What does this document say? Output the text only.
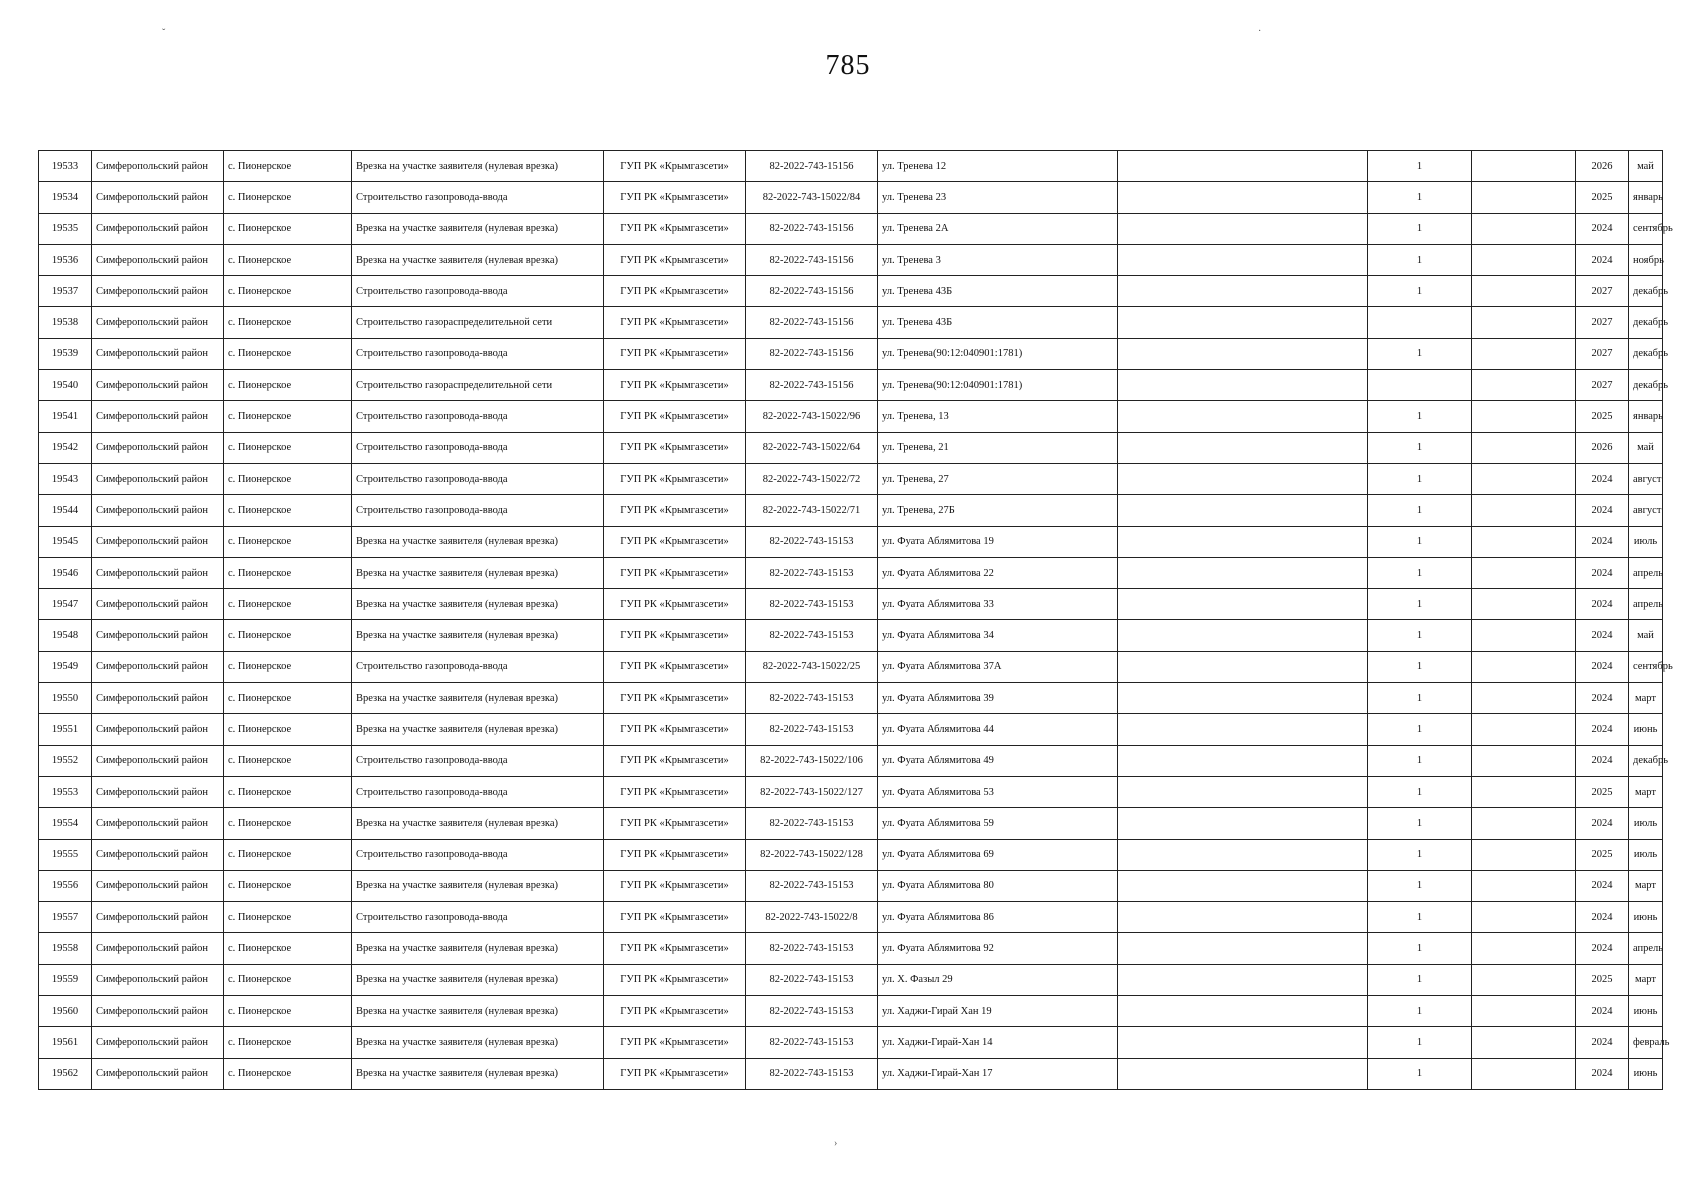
785
ˇ	·
›
19533	Симферопольский район	с. Пионерское	Врезка на участке заявителя (нулевая врезка)	ГУП РК «Крымгазсети»	82-2022-743-15156	ул. Тренева 12		1		2026	май
19534	Симферопольский район	с. Пионерское	Строительство газопровода-ввода	ГУП РК «Крымгазсети»	82-2022-743-15022/84	ул. Тренева 23		1		2025	январь
19535	Симферопольский район	с. Пионерское	Врезка на участке заявителя (нулевая врезка)	ГУП РК «Крымгазсети»	82-2022-743-15156	ул. Тренева 2А		1		2024	сентябрь
19536	Симферопольский район	с. Пионерское	Врезка на участке заявителя (нулевая врезка)	ГУП РК «Крымгазсети»	82-2022-743-15156	ул. Тренева 3		1		2024	ноябрь
19537	Симферопольский район	с. Пионерское	Строительство газопровода-ввода	ГУП РК «Крымгазсети»	82-2022-743-15156	ул. Тренева 43Б		1		2027	декабрь
19538	Симферопольский район	с. Пионерское	Строительство газораспределительной сети	ГУП РК «Крымгазсети»	82-2022-743-15156	ул. Тренева 43Б				2027	декабрь
19539	Симферопольский район	с. Пионерское	Строительство газопровода-ввода	ГУП РК «Крымгазсети»	82-2022-743-15156	ул. Тренева(90:12:040901:1781)		1		2027	декабрь
19540	Симферопольский район	с. Пионерское	Строительство газораспределительной сети	ГУП РК «Крымгазсети»	82-2022-743-15156	ул. Тренева(90:12:040901:1781)				2027	декабрь
19541	Симферопольский район	с. Пионерское	Строительство газопровода-ввода	ГУП РК «Крымгазсети»	82-2022-743-15022/96	ул. Тренева, 13		1		2025	январь
19542	Симферопольский район	с. Пионерское	Строительство газопровода-ввода	ГУП РК «Крымгазсети»	82-2022-743-15022/64	ул. Тренева, 21		1		2026	май
19543	Симферопольский район	с. Пионерское	Строительство газопровода-ввода	ГУП РК «Крымгазсети»	82-2022-743-15022/72	ул. Тренева, 27		1		2024	август
19544	Симферопольский район	с. Пионерское	Строительство газопровода-ввода	ГУП РК «Крымгазсети»	82-2022-743-15022/71	ул. Тренева, 27Б		1		2024	август
19545	Симферопольский район	с. Пионерское	Врезка на участке заявителя (нулевая врезка)	ГУП РК «Крымгазсети»	82-2022-743-15153	ул. Фуата Аблямитова 19		1		2024	июль
19546	Симферопольский район	с. Пионерское	Врезка на участке заявителя (нулевая врезка)	ГУП РК «Крымгазсети»	82-2022-743-15153	ул. Фуата Аблямитова 22		1		2024	апрель
19547	Симферопольский район	с. Пионерское	Врезка на участке заявителя (нулевая врезка)	ГУП РК «Крымгазсети»	82-2022-743-15153	ул. Фуата Аблямитова 33		1		2024	апрель
19548	Симферопольский район	с. Пионерское	Врезка на участке заявителя (нулевая врезка)	ГУП РК «Крымгазсети»	82-2022-743-15153	ул. Фуата Аблямитова 34		1		2024	май
19549	Симферопольский район	с. Пионерское	Строительство газопровода-ввода	ГУП РК «Крымгазсети»	82-2022-743-15022/25	ул. Фуата Аблямитова 37А		1		2024	сентябрь
19550	Симферопольский район	с. Пионерское	Врезка на участке заявителя (нулевая врезка)	ГУП РК «Крымгазсети»	82-2022-743-15153	ул. Фуата Аблямитова 39		1		2024	март
19551	Симферопольский район	с. Пионерское	Врезка на участке заявителя (нулевая врезка)	ГУП РК «Крымгазсети»	82-2022-743-15153	ул. Фуата Аблямитова 44		1		2024	июнь
19552	Симферопольский район	с. Пионерское	Строительство газопровода-ввода	ГУП РК «Крымгазсети»	82-2022-743-15022/106	ул. Фуата Аблямитова 49		1		2024	декабрь
19553	Симферопольский район	с. Пионерское	Строительство газопровода-ввода	ГУП РК «Крымгазсети»	82-2022-743-15022/127	ул. Фуата Аблямитова 53		1		2025	март
19554	Симферопольский район	с. Пионерское	Врезка на участке заявителя (нулевая врезка)	ГУП РК «Крымгазсети»	82-2022-743-15153	ул. Фуата Аблямитова 59		1		2024	июль
19555	Симферопольский район	с. Пионерское	Строительство газопровода-ввода	ГУП РК «Крымгазсети»	82-2022-743-15022/128	ул. Фуата Аблямитова 69		1		2025	июль
19556	Симферопольский район	с. Пионерское	Врезка на участке заявителя (нулевая врезка)	ГУП РК «Крымгазсети»	82-2022-743-15153	ул. Фуата Аблямитова 80		1		2024	март
19557	Симферопольский район	с. Пионерское	Строительство газопровода-ввода	ГУП РК «Крымгазсети»	82-2022-743-15022/8	ул. Фуата Аблямитова 86		1		2024	июнь
19558	Симферопольский район	с. Пионерское	Врезка на участке заявителя (нулевая врезка)	ГУП РК «Крымгазсети»	82-2022-743-15153	ул. Фуата Аблямитова 92		1		2024	апрель
19559	Симферопольский район	с. Пионерское	Врезка на участке заявителя (нулевая врезка)	ГУП РК «Крымгазсети»	82-2022-743-15153	ул. Х. Фазыл 29		1		2025	март
19560	Симферопольский район	с. Пионерское	Врезка на участке заявителя (нулевая врезка)	ГУП РК «Крымгазсети»	82-2022-743-15153	ул. Хаджи-Гирай Хан 19		1		2024	июнь
19561	Симферопольский район	с. Пионерское	Врезка на участке заявителя (нулевая врезка)	ГУП РК «Крымгазсети»	82-2022-743-15153	ул. Хаджи-Гирай-Хан 14		1		2024	февраль
19562	Симферопольский район	с. Пионерское	Врезка на участке заявителя (нулевая врезка)	ГУП РК «Крымгазсети»	82-2022-743-15153	ул. Хаджи-Гирай-Хан 17		1		2024	июнь
